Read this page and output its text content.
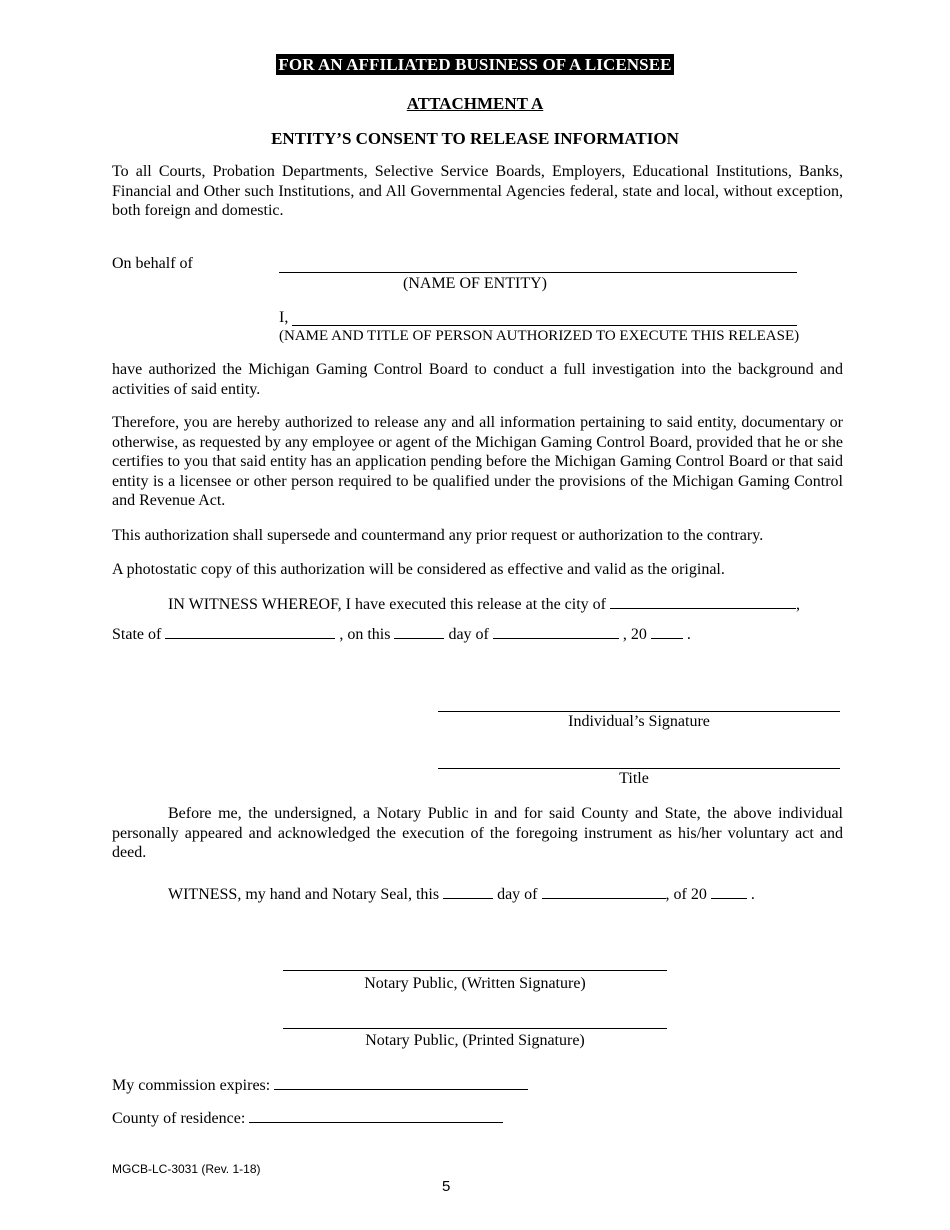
FOR AN AFFILIATED BUSINESS OF A LICENSEE
ATTACHMENT A
ENTITY’S CONSENT TO RELEASE INFORMATION
To all Courts, Probation Departments, Selective Service Boards, Employers, Educational Institutions, Banks, Financial and Other such Institutions, and All Governmental Agencies federal, state and local, without exception, both foreign and domestic.
On behalf of
(NAME OF ENTITY)
I,
(NAME AND TITLE OF PERSON AUTHORIZED TO EXECUTE THIS RELEASE)
have authorized the Michigan Gaming Control Board to conduct a full investigation into the background and activities of said entity.
Therefore, you are hereby authorized to release any and all information pertaining to said entity, documentary or otherwise, as requested by any employee or agent of the Michigan Gaming Control Board, provided that he or she certifies to you that said entity has an application pending before the Michigan Gaming Control Board or that said entity is a licensee or other person required to be qualified under the provisions of the Michigan Gaming Control and Revenue Act.
This authorization shall supersede and countermand any prior request or authorization to the contrary.
A photostatic copy of this authorization will be considered as effective and valid as the original.
IN WITNESS WHEREOF, I have executed this release at the city of	,
State of	, on this	day of	, 20	.
Individual’s Signature
Title
Before me, the undersigned, a Notary Public in and for said County and State, the above individual personally appeared and acknowledged the execution of the foregoing instrument as his/her voluntary act and deed.
WITNESS, my hand and Notary Seal, this	day of	, of 20	.
Notary Public, (Written Signature)
Notary Public, (Printed Signature)
My commission expires:
County of residence:
MGCB-LC-3031 (Rev. 1-18)
5
